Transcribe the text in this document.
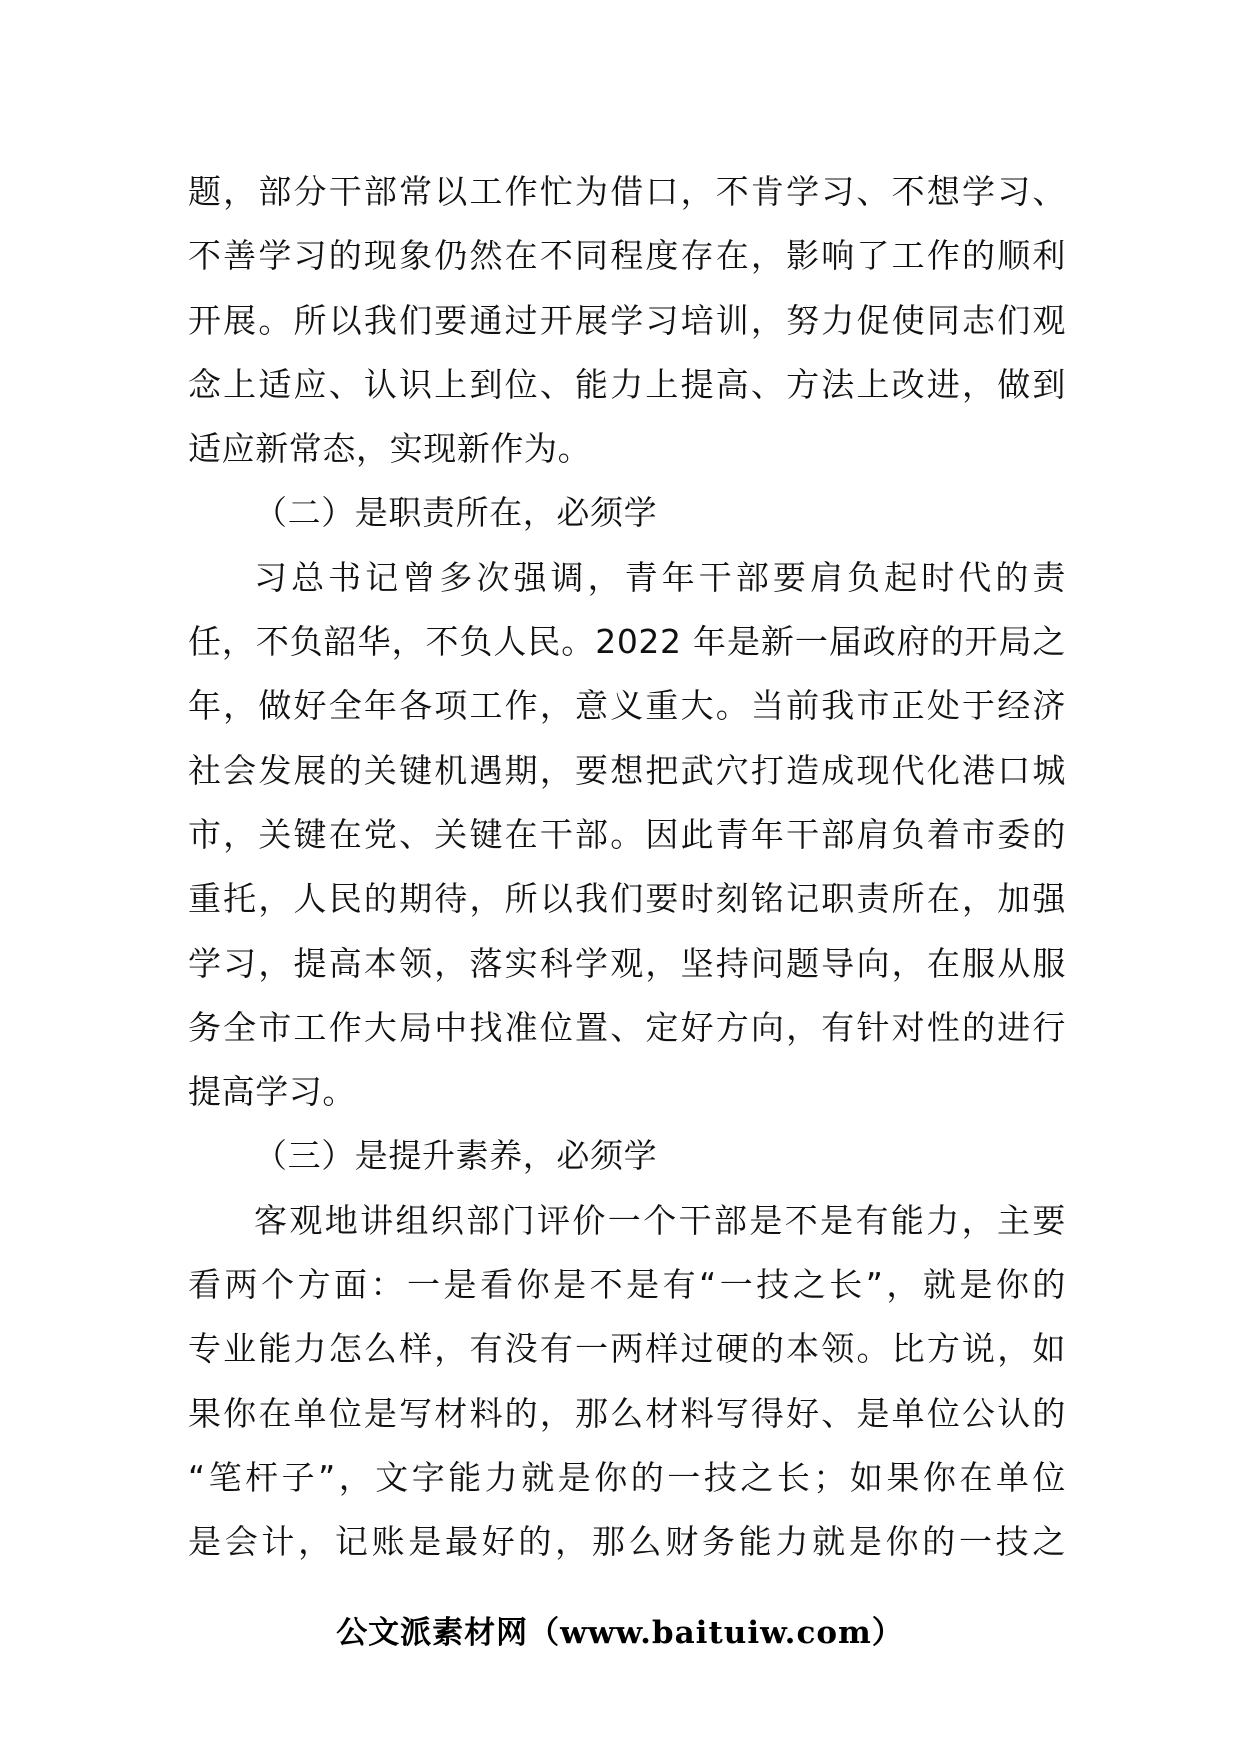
题，部分干部常以工作忙为借口，不肯学习、不想学习、
不善学习的现象仍然在不同程度存在，影响了工作的顺利
开展。所以我们要通过开展学习培训，努力促使同志们观
念上适应、认识上到位、能力上提高、方法上改进，做到
适应新常态，实现新作为。
（二）是职责所在，必须学
习总书记曾多次强调，青年干部要肩负起时代的责
任，不负韶华，不负人民。2022 年是新一届政府的开局之
年，做好全年各项工作，意义重大。当前我市正处于经济
社会发展的关键机遇期，要想把武穴打造成现代化港口城
市，关键在党、关键在干部。因此青年干部肩负着市委的
重托，人民的期待，所以我们要时刻铭记职责所在，加强
学习，提高本领，落实科学观，坚持问题导向，在服从服
务全市工作大局中找准位置、定好方向，有针对性的进行
提高学习。
（三）是提升素养，必须学
客观地讲组织部门评价一个干部是不是有能力，主要
看两个方面：一是看你是不是有“一技之长”，就是你的
专业能力怎么样，有没有一两样过硬的本领。比方说，如
果你在单位是写材料的，那么材料写得好、是单位公认的
“笔杆子”，文字能力就是你的一技之长；如果你在单位
是会计，记账是最好的，那么财务能力就是你的一技之
公文派素材网（www.baituiw.com）
